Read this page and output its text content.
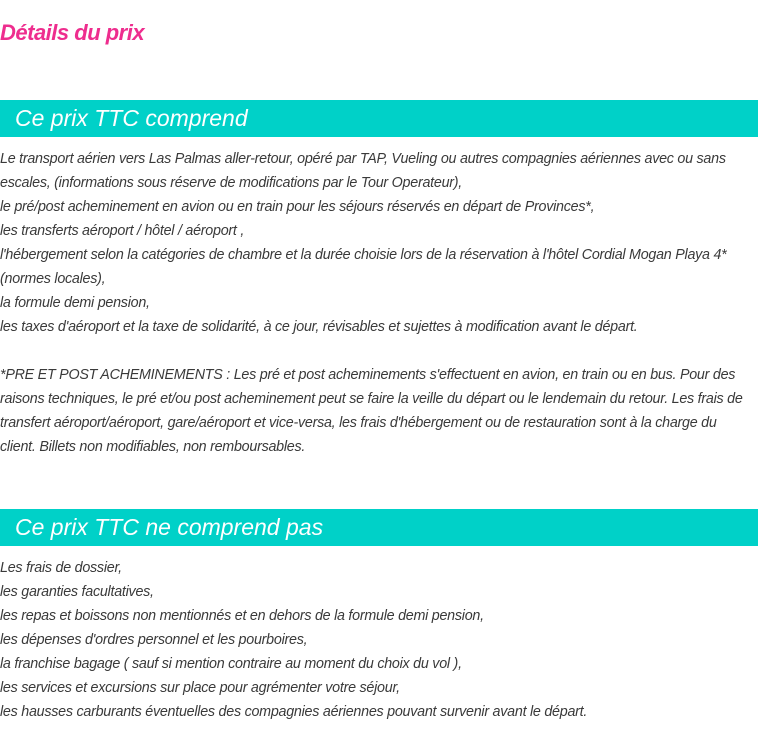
Détails du prix
Ce prix TTC comprend

Le transport aérien vers Las Palmas aller-retour, opéré par TAP, Vueling ou autres compagnies aériennes avec ou sans escales, (informations sous réserve de modifications par le Tour Operateur),

le pré/post acheminement en avion ou en train pour les séjours réservés en départ de Provinces*,

les transferts aéroport / hôtel / aéroport ,

l'hébergement selon la catégories de chambre et la durée choisie lors de la réservation à l'hôtel Cordial Mogan Playa 4* (normes locales),

la formule demi pension,

les taxes d'aéroport et la taxe de solidarité, à ce jour, révisables et sujettes à modification avant le départ.

*PRE ET POST ACHEMINEMENTS : Les pré et post acheminements s'effectuent en avion, en train ou en bus. Pour des raisons techniques, le pré et/ou post acheminement peut se faire la veille du départ ou le lendemain du retour. Les frais de transfert aéroport/aéroport, gare/aéroport et vice-versa, les frais d'hébergement ou de restauration sont à la charge du client. Billets non modifiables, non remboursables.

Ce prix TTC ne comprend pas

Les frais de dossier,

les garanties facultatives,

les repas et boissons non mentionnés et en dehors de la formule demi pension,

les dépenses d'ordres personnel et les pourboires,

la franchise bagage ( sauf si mention contraire au moment du choix du vol ),

les services et excursions sur place pour agrémenter votre séjour,

les hausses carburants éventuelles des compagnies aériennes pouvant survenir avant le départ.
